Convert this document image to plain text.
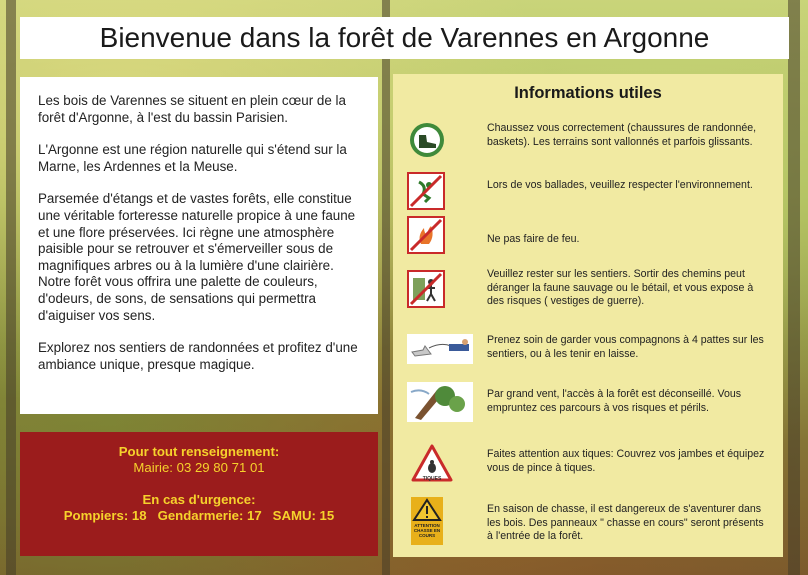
Bienvenue dans la forêt de Varennes en Argonne

Les bois de Varennes se situent en plein cœur de la forêt d'Argonne, à l'est du bassin Parisien.

L'Argonne est une région naturelle qui s'étend sur la Marne, les Ardennes et la Meuse.

Parsemée d'étangs et de vastes forêts, elle constitue une véritable forteresse naturelle propice à une faune et une flore préservées. Ici règne une atmosphère paisible pour se retrouver et s'émerveiller sous de magnifiques arbres ou à la lumière d'une clairière. Notre forêt vous offrira une palette de couleurs, d'odeurs, de sons, de sensations qui permettra d'aiguiser vos sens.

Explorez nos sentiers de randonnées et profitez d'une ambiance unique, presque magique.

Pour tout renseignement:
Mairie: 03 29 80 71 01
En cas d'urgence:
Pompiers: 18   Gendarmerie: 17   SAMU: 15
Informations utiles
Chaussez vous correctement (chaussures de randonnée, baskets). Les terrains sont vallonnés et parfois glissants.
Lors de vos ballades, veuillez respecter l'environnement.
Ne pas faire de feu.
Veuillez rester sur les sentiers. Sortir des chemins peut déranger la faune sauvage ou le bétail, et vous expose à des risques ( vestiges de guerre).
Prenez soin de garder vous compagnons à 4 pattes sur les sentiers, ou à les tenir en laisse.
Par grand vent, l'accès à la forêt est déconseillé. Vous empruntez ces parcours à vos risques et périls.
TIQUES
Faites attention aux tiques: Couvrez vos jambes et équipez vous de pince à tiques.
ATTENTION CHASSE EN COURS
En saison de chasse, il est dangereux de s'aventurer dans les bois. Des panneaux " chasse en cours" seront présents à l'entrée de la forêt.
